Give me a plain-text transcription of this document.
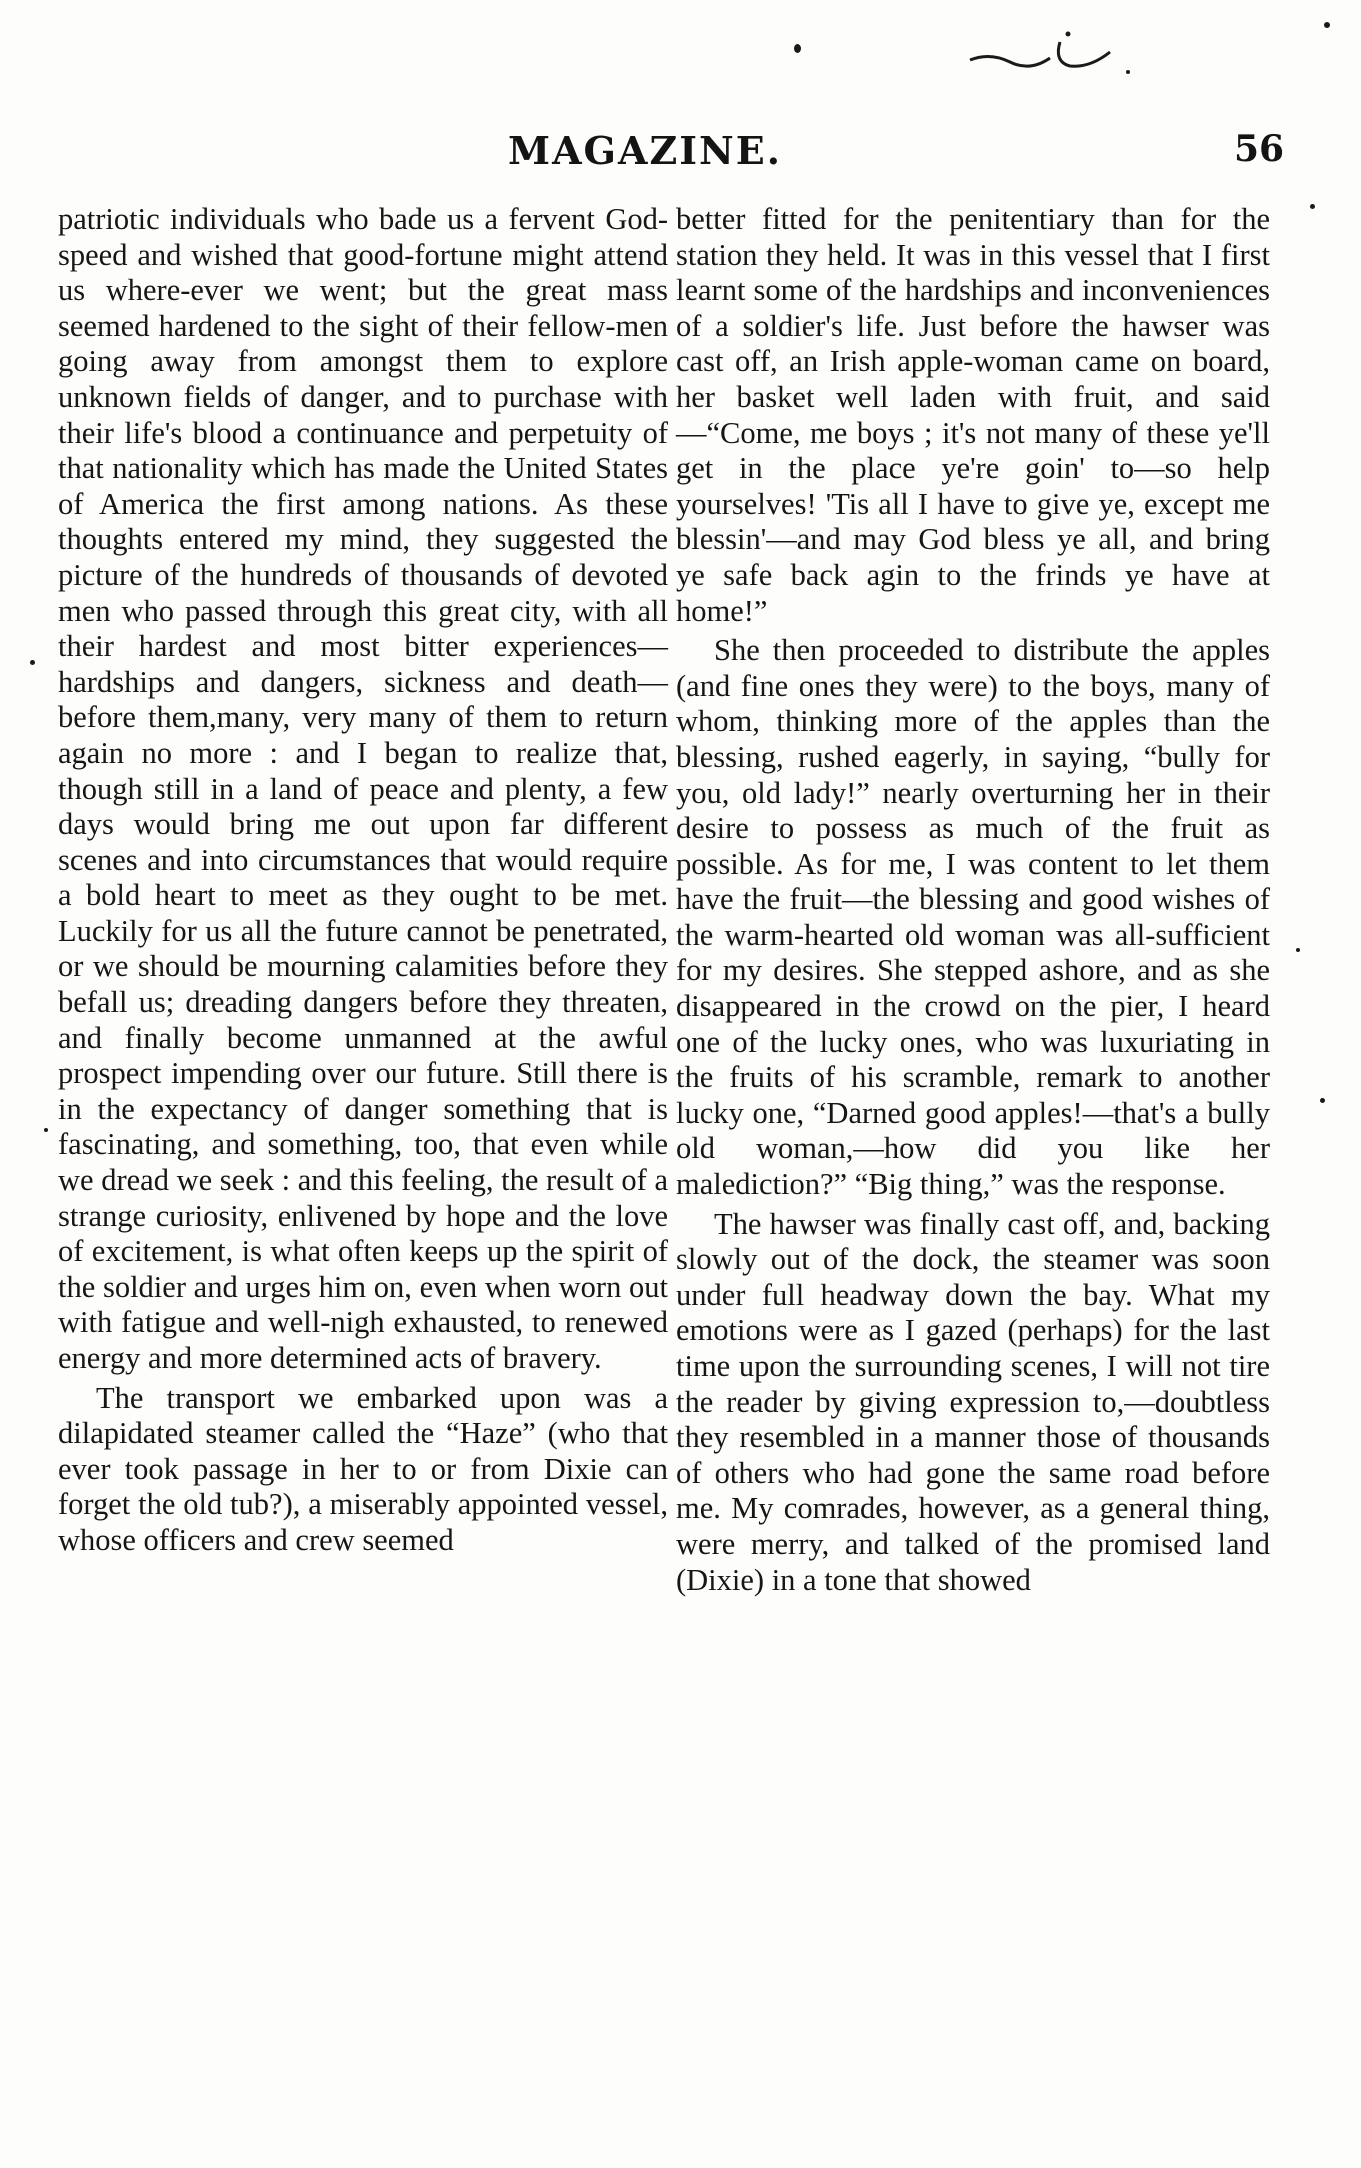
MAGAZINE.	56

patriotic individuals who bade us a fervent God-speed and wished that good-fortune might attend us where-ever we went; but the great mass seemed hardened to the sight of their fellow-men going away from amongst them to explore unknown fields of danger, and to purchase with their life's blood a continuance and perpetuity of that nationality which has made the United States of America the first among nations. As these thoughts entered my mind, they suggested the picture of the hundreds of thousands of devoted men who passed through this great city, with all their hardest and most bitter experiences—hardships and dangers, sickness and death—before them,many, very many of them to return again no more : and I began to realize that, though still in a land of peace and plenty, a few days would bring me out upon far different scenes and into circumstances that would require a bold heart to meet as they ought to be met. Luckily for us all the future cannot be penetrated, or we should be mourning calamities before they befall us; dreading dangers before they threaten, and finally become unmanned at the awful prospect impending over our future. Still there is in the expectancy of danger something that is fascinating, and something, too, that even while we dread we seek : and this feeling, the result of a strange curiosity, enlivened by hope and the love of excitement, is what often keeps up the spirit of the soldier and urges him on, even when worn out with fatigue and well-nigh exhausted, to renewed energy and more determined acts of bravery.

The transport we embarked upon was a dilapidated steamer called the “Haze” (who that ever took passage in her to or from Dixie can forget the old tub?), a miserably appointed vessel, whose officers and crew seemed

better fitted for the penitentiary than for the station they held. It was in this vessel that I first learnt some of the hardships and inconveniences of a soldier's life. Just before the hawser was cast off, an Irish apple-woman came on board, her basket well laden with fruit, and said—“Come, me boys ; it's not many of these ye'll get in the place ye're goin' to—so help yourselves! 'Tis all I have to give ye, except me blessin'—and may God bless ye all, and bring ye safe back agin to the frinds ye have at home!”

She then proceeded to distribute the apples (and fine ones they were) to the boys, many of whom, thinking more of the apples than the blessing, rushed eagerly, in saying, “bully for you, old lady!” nearly overturning her in their desire to possess as much of the fruit as possible. As for me, I was content to let them have the fruit—the blessing and good wishes of the warm-hearted old woman was all-sufficient for my desires. She stepped ashore, and as she disappeared in the crowd on the pier, I heard one of the lucky ones, who was luxuriating in the fruits of his scramble, remark to another lucky one, “Darned good apples!—that's a bully old woman,—how did you like her malediction?” “Big thing,” was the response.

The hawser was finally cast off, and, backing slowly out of the dock, the steamer was soon under full headway down the bay. What my emotions were as I gazed (perhaps) for the last time upon the surrounding scenes, I will not tire the reader by giving expression to,—doubtless they resembled in a manner those of thousands of others who had gone the same road before me. My comrades, however, as a general thing, were merry, and talked of the promised land (Dixie) in a tone that showed
